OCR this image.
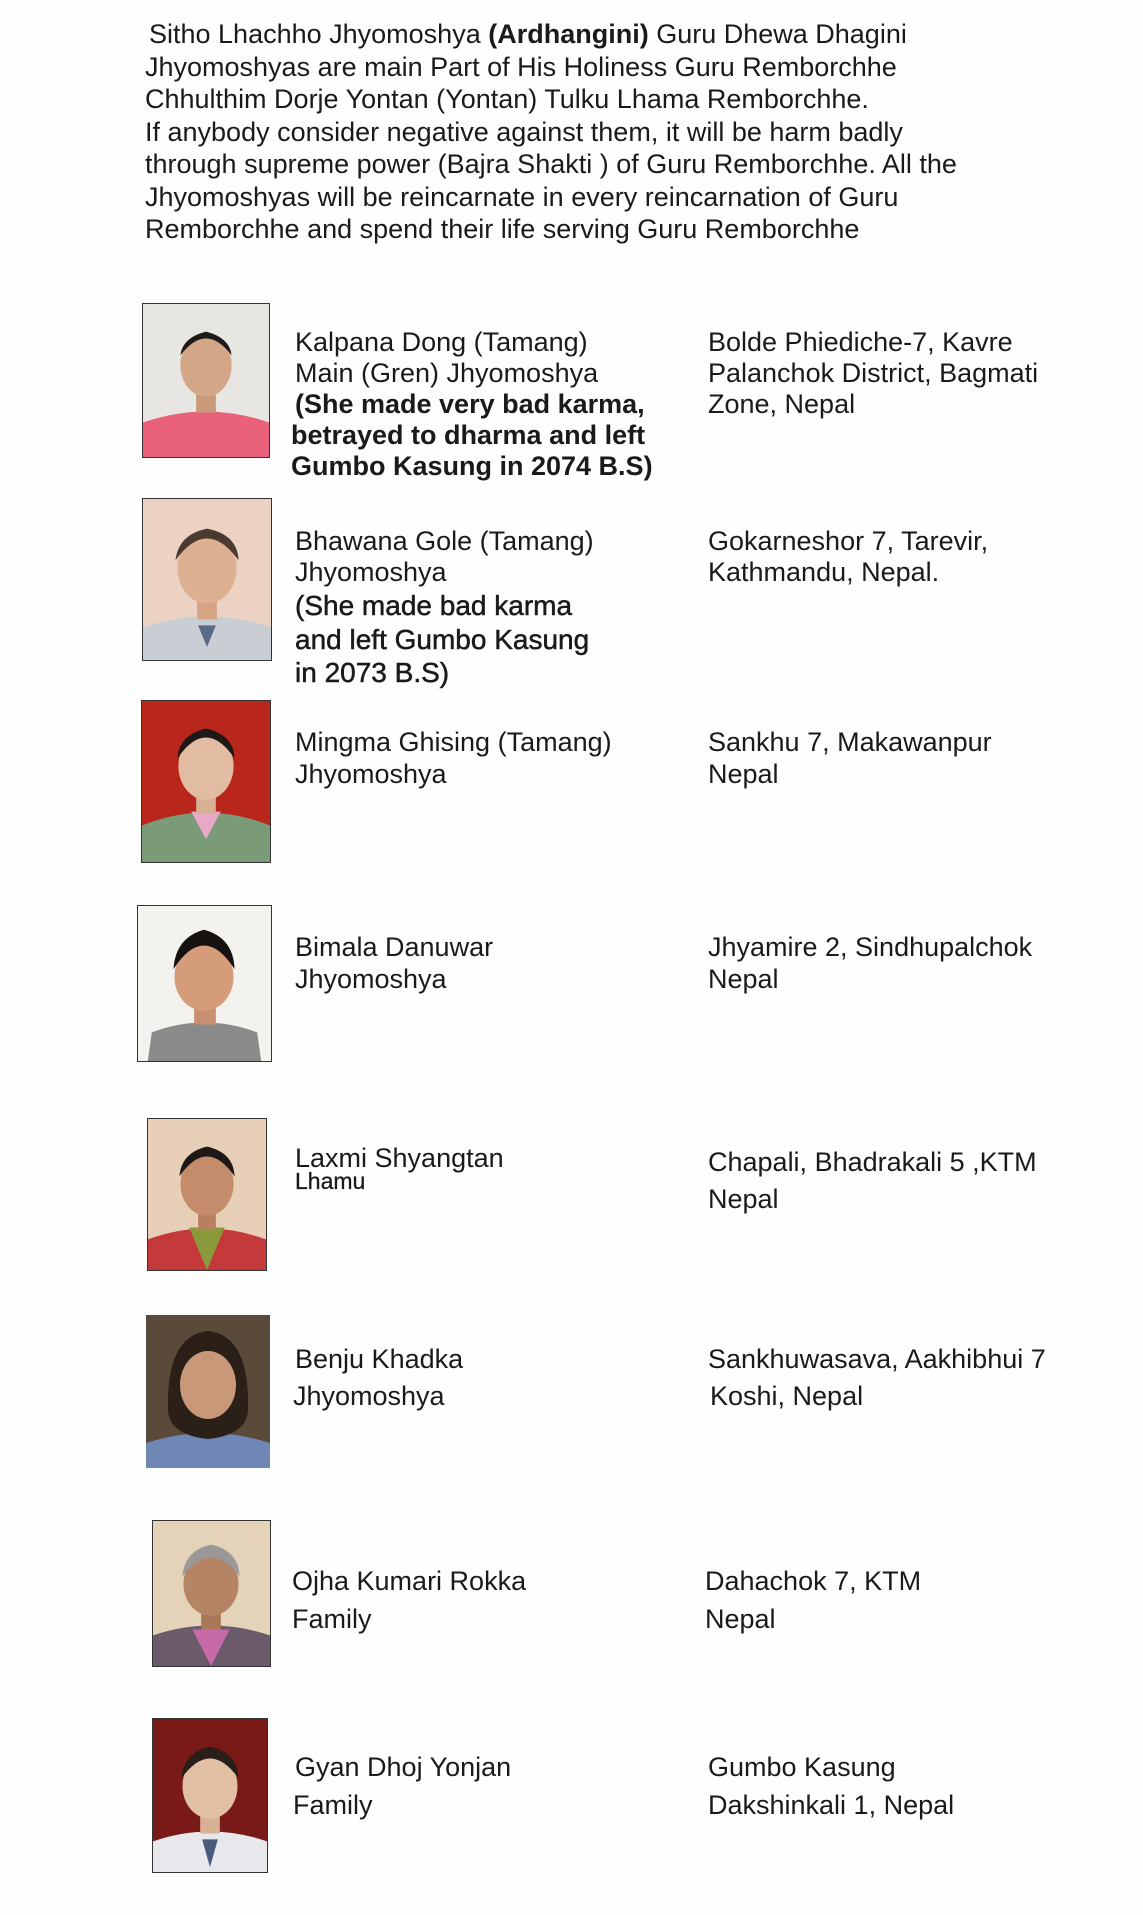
Sitho Lhachho Jhyomoshya (Ardhangini) Guru Dhewa Dhagini
Jhyomoshyas are main Part of His Holiness Guru Remborchhe
Chhulthim Dorje Yontan (Yontan) Tulku Lhama Remborchhe.
If anybody consider negative against them, it will be harm badly
through supreme power (Bajra Shakti ) of Guru Remborchhe. All the
Jhyomoshyas will be reincarnate in every reincarnation of Guru
Remborchhe and spend their life serving Guru Remborchhe
Kalpana Dong (Tamang)
Main (Gren) Jhyomoshya
(She made very bad karma,
betrayed to dharma and left
Gumbo Kasung in 2074 B.S)
Bolde Phiediche-7, Kavre
Palanchok District, Bagmati
Zone, Nepal
Bhawana Gole (Tamang)
Jhyomoshya
(She made bad karma
and left Gumbo Kasung
in 2073 B.S)
Gokarneshor 7, Tarevir,
Kathmandu, Nepal.
Mingma Ghising (Tamang)
Jhyomoshya
Sankhu 7, Makawanpur
Nepal
Bimala Danuwar
Jhyomoshya
Jhyamire 2, Sindhupalchok
Nepal
Laxmi Shyangtan
Lhamu
Chapali, Bhadrakali 5 ,KTM
Nepal
Benju Khadka
Jhyomoshya
Sankhuwasava, Aakhibhui 7
Koshi, Nepal
Ojha Kumari Rokka
Family
Dahachok 7, KTM
Nepal
Gyan Dhoj Yonjan
Family
Gumbo Kasung
Dakshinkali 1, Nepal
